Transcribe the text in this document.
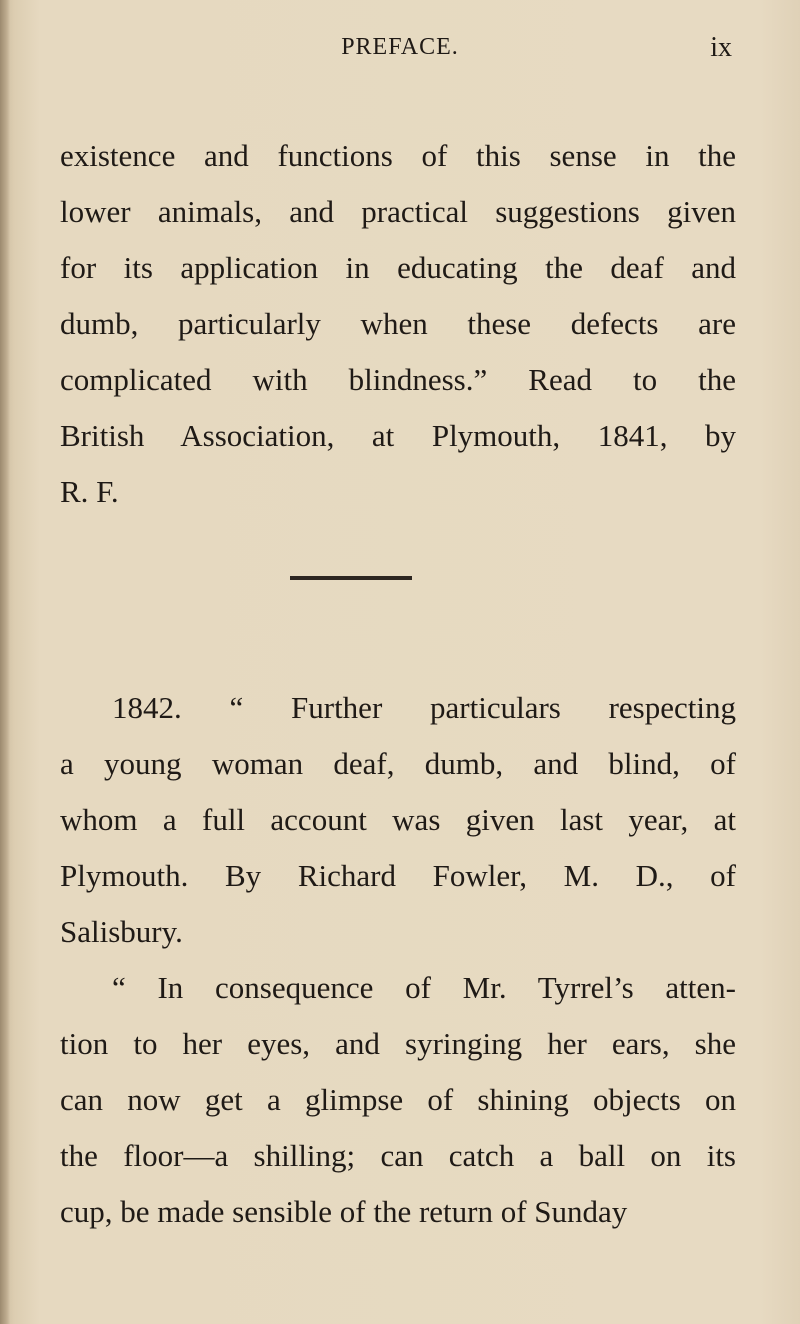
PREFACE.	ix
existence and functions of this sense in the
lower animals, and practical suggestions given
for its application in educating the deaf and
dumb, particularly when these defects are
complicated with blindness.” Read to the
British Association, at Plymouth, 1841, by
R. F.
1842. “ Further particulars respecting
a young woman deaf, dumb, and blind, of
whom a full account was given last year, at
Plymouth. By Richard Fowler, M. D., of
Salisbury.
“ In consequence of Mr. Tyrrel’s atten-
tion to her eyes, and syringing her ears, she
can now get a glimpse of shining objects on
the floor—a shilling; can catch a ball on its
cup, be made sensible of the return of Sunday
